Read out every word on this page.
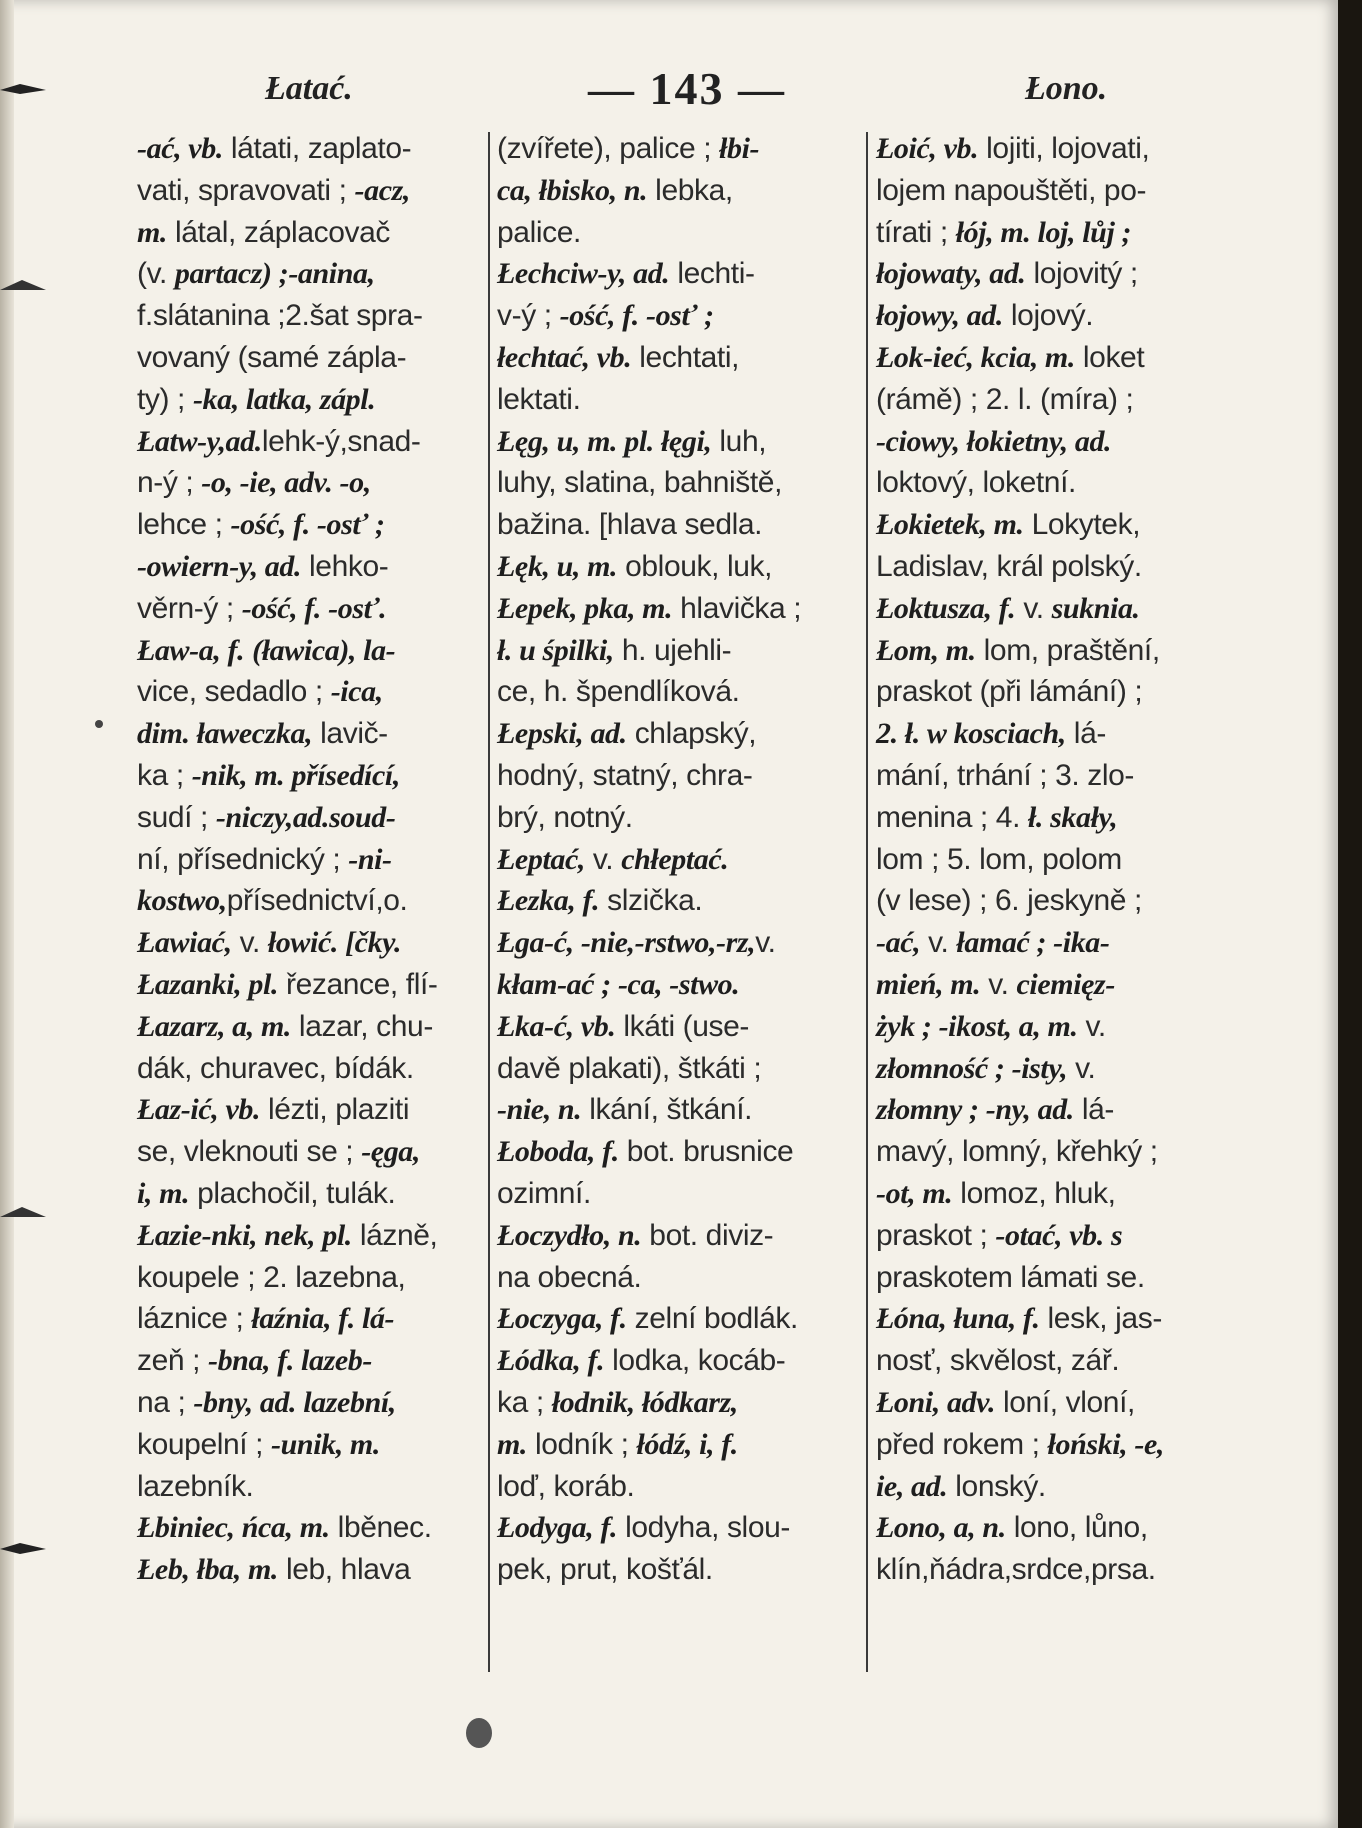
Łatać.	— 143 —	Łono.
-ać, vb. látati, zaplato-
vati, spravovati ; -acz,
m. látal, záplacovač
(v. partacz) ;-anina,
f.slátanina ;2.šat spra-
vovaný (samé zápla-
ty) ; -ka, latka, zápl.
Łatw-y,ad.lehk-ý,snad-
n-ý ; -o, -ie, adv. -o,
lehce ; -ość, f. -osť ;
-owiern-y, ad. lehko-
věrn-ý ; -ość, f. -osť.
Ław-a, f. (ławica), la-
vice, sedadlo ; -ica,
dim. ławeczka, lavič-
ka ; -nik, m. přísedící,
sudí ; -niczy,ad.soud-
ní, přísednický ; -ni-
kostwo,přísednictví,o.
Ławiać, v. łowić. [čky.
Łazanki, pl. řezance, flí-
Łazarz, a, m. lazar, chu-
dák, churavec, bídák.
Łaz-ić, vb. lézti, plaziti
se, vleknouti se ; -ęga,
i, m. plachočil, tulák.
Łazie-nki, nek, pl. lázně,
koupele ; 2. lazebna,
láznice ; łaźnia, f. lá-
zeň ; -bna, f. lazeb-
na ; -bny, ad. lazební,
koupelní ; -unik, m.
lazebník.
Łbiniec, ńca, m. lběnec.
Łeb, łba, m. leb, hlava
(zvířete), palice ; łbi-
ca, łbisko, n. lebka,
palice.
Łechciw-y, ad. lechti-
v-ý ; -ość, f. -osť ;
łechtać, vb. lechtati,
lektati.
Łęg, u, m. pl. łęgi, luh,
luhy, slatina, bahniště,
bažina. [hlava sedla.
Łęk, u, m. oblouk, luk,
Łepek, pka, m. hlavička ;
ł. u śpilki, h. ujehli-
ce, h. špendlíková.
Łepski, ad. chlapský,
hodný, statný, chra-
brý, notný.
Łeptać, v. chłeptać.
Łezka, f. slzička.
Łga-ć, -nie,-rstwo,-rz,v.
kłam-ać ; -ca, -stwo.
Łka-ć, vb. lkáti (use-
davě plakati), štkáti ;
-nie, n. lkání, štkání.
Łoboda, f. bot. brusnice
ozimní.
Łoczydło, n. bot. diviz-
na obecná.
Łoczyga, f. zelní bodlák.
Łódka, f. lodka, kocáb-
ka ; łodnik, łódkarz,
m. lodník ; łódź, i, f.
loď, koráb.
Łodyga, f. lodyha, slou-
pek, prut, košťál.
Łoić, vb. lojiti, lojovati,
lojem napouštěti, po-
tírati ; łój, m. loj, lůj ;
łojowaty, ad. lojovitý ;
łojowy, ad. lojový.
Łok-ieć, kcia, m. loket
(rámě) ; 2. l. (míra) ;
-ciowy, łokietny, ad.
loktový, loketní.
Łokietek, m. Lokytek,
Ladislav, král polský.
Łoktusza, f. v. suknia.
Łom, m. lom, praštění,
praskot (při lámání) ;
2. ł. w kosciach, lá-
mání, trhání ; 3. zlo-
menina ; 4. ł. skały,
lom ; 5. lom, polom
(v lese) ; 6. jeskyně ;
-ać, v. łamać ; -ika-
mień, m. v. ciemięz-
żyk ; -ikost, a, m. v.
złomność ; -isty, v.
złomny ; -ny, ad. lá-
mavý, lomný, křehký ;
-ot, m. lomoz, hluk,
praskot ; -otać, vb. s
praskotem lámati se.
Łóna, łuna, f. lesk, jas-
nosť, skvělost, zář.
Łoni, adv. loní, vloní,
před rokem ; łoński, -e,
ie, ad. lonský.
Łono, a, n. lono, lůno,
klín,ňádra,srdce,prsa.
